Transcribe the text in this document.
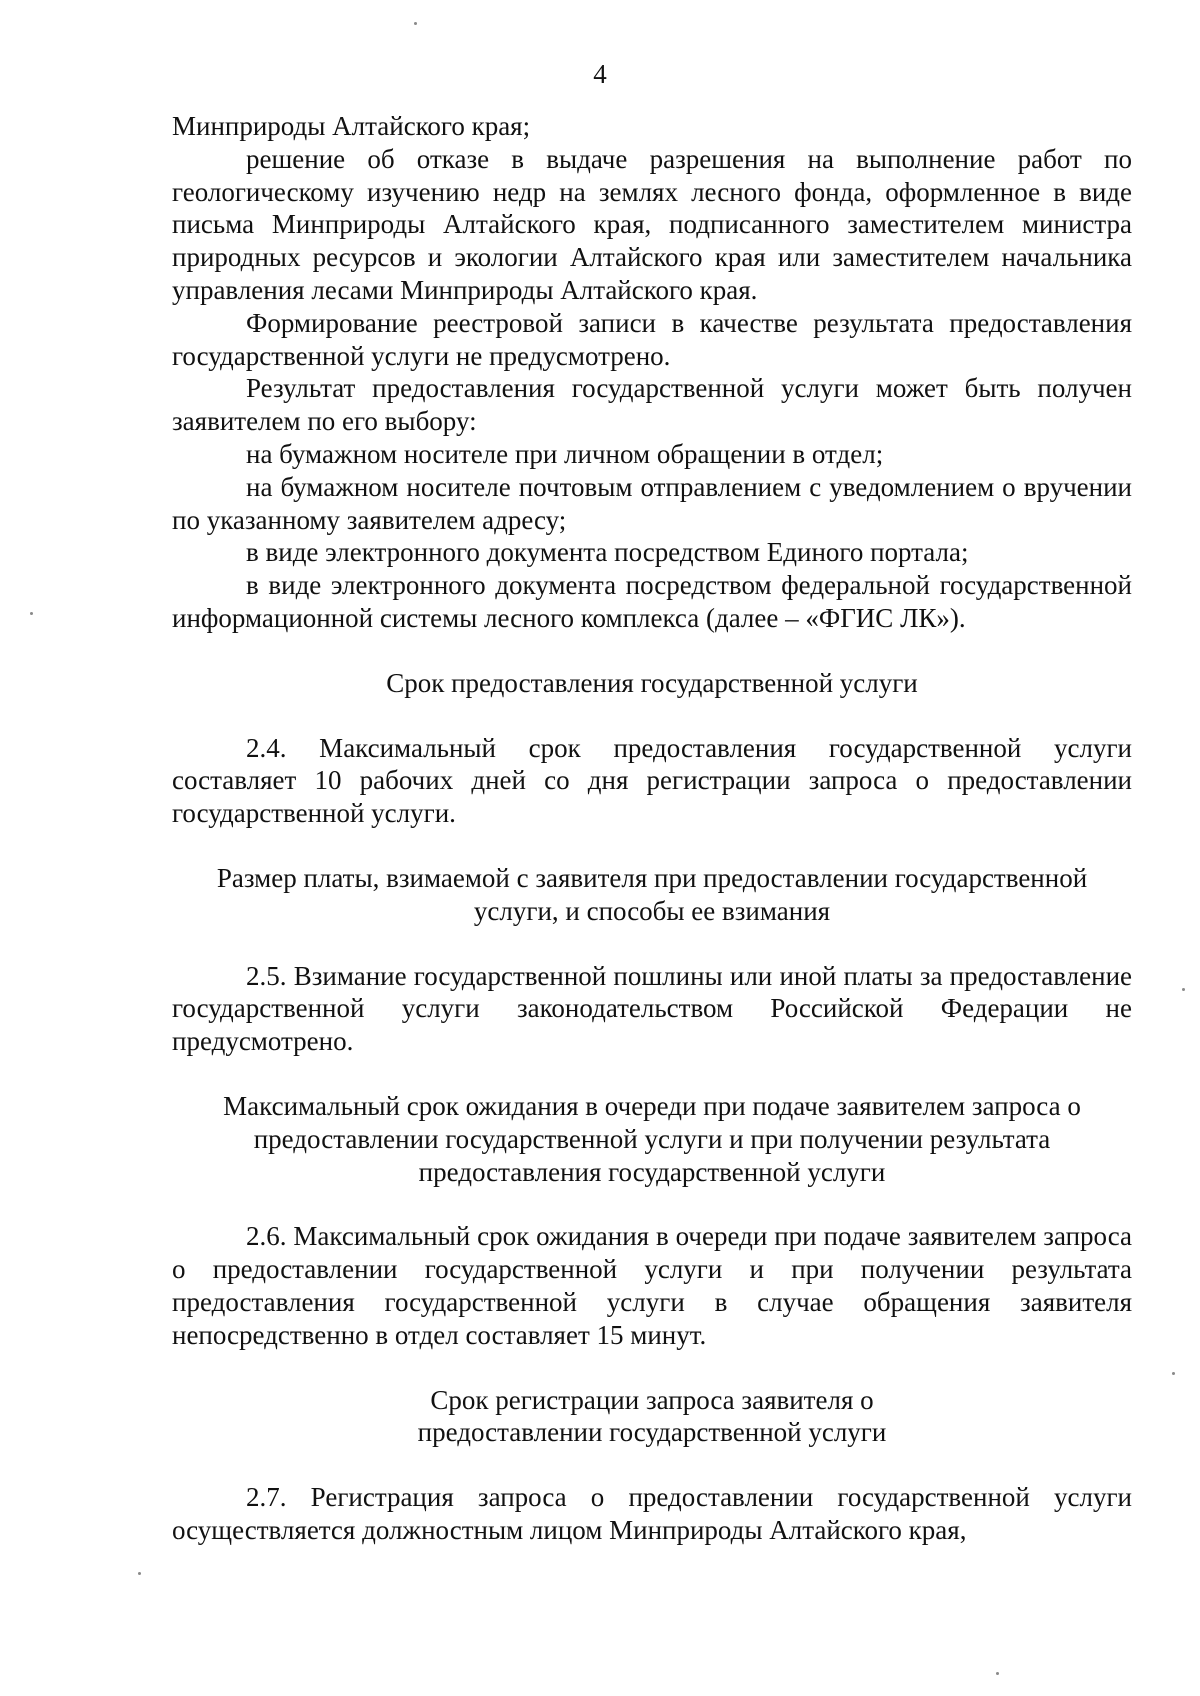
4

Минприроды Алтайского края;

решение об отказе в выдаче разрешения на выполнение работ по геологическому изучению недр на землях лесного фонда, оформленное в виде письма Минприроды Алтайского края, подписанного заместителем министра природных ресурсов и экологии Алтайского края или заместителем начальника управления лесами Минприроды Алтайского края.

Формирование реестровой записи в качестве результата предоставления государственной услуги не предусмотрено.

Результат предоставления государственной услуги может быть получен заявителем по его выбору:

на бумажном носителе при личном обращении в отдел;

на бумажном носителе почтовым отправлением с уведомлением о вручении по указанному заявителем адресу;

в виде электронного документа посредством Единого портала;

в виде электронного документа посредством федеральной государственной информационной системы лесного комплекса (далее – «ФГИС ЛК»).

Срок предоставления государственной услуги

2.4. Максимальный срок предоставления государственной услуги составляет 10 рабочих дней со дня регистрации запроса о предоставлении государственной услуги.

Размер платы, взимаемой с заявителя при предоставлении государственной услуги, и способы ее взимания

2.5. Взимание государственной пошлины или иной платы за предоставление государственной услуги законодательством Российской Федерации не предусмотрено.

Максимальный срок ожидания в очереди при подаче заявителем запроса о предоставлении государственной услуги и при получении результата предоставления государственной услуги

2.6. Максимальный срок ожидания в очереди при подаче заявителем запроса о предоставлении государственной услуги и при получении результата предоставления государственной услуги в случае обращения заявителя непосредственно в отдел составляет 15 минут.

Срок регистрации запроса заявителя о предоставлении государственной услуги

2.7. Регистрация запроса о предоставлении государственной услуги осуществляется должностным лицом Минприроды Алтайского края,
